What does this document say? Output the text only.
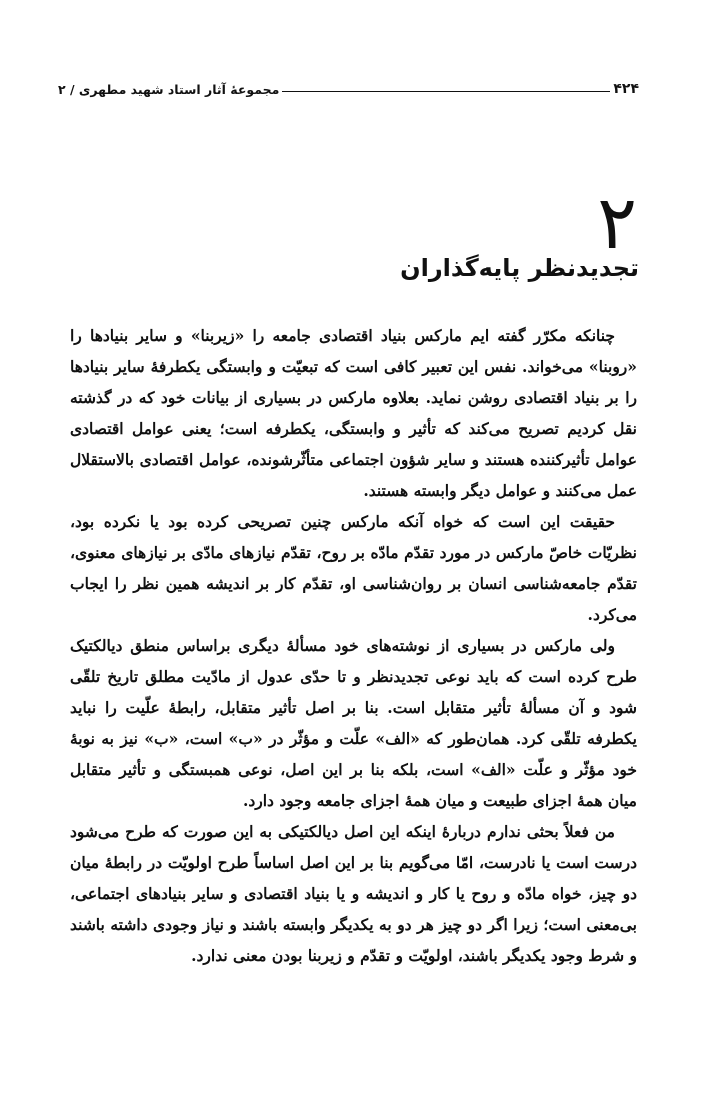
۴۲۴
مجموعهٔ آثار استاد شهید مطهری / ۲
۲
تجدیدنظر پایه‌گذاران

چنانکه مکرّر گفته ایم مارکس بنیاد اقتصادی جامعه را «زیربنا» و سایر بنیادها را «روبنا» می‌خواند. نفس این تعبیر کافی است که تبعیّت و وابستگی یکطرفهٔ سایر بنیادها را بر بنیاد اقتصادی روشن نماید. بعلاوه مارکس در بسیاری از بیانات خود که در گذشته نقل کردیم تصریح می‌کند که تأثیر و وابستگی، یکطرفه است؛ یعنی عوامل اقتصادی عوامل تأثیرکننده هستند و سایر شؤون اجتماعی متأثّرشونده، عوامل اقتصادی بالاستقلال عمل می‌کنند و عوامل دیگر وابسته هستند.

حقیقت این است که خواه آنکه مارکس چنین تصریحی کرده بود یا نکرده بود، نظریّات خاصّ مارکس در مورد تقدّم مادّه بر روح، تقدّم نیازهای مادّی بر نیازهای معنوی، تقدّم جامعه‌شناسی انسان بر روان‌شناسی او، تقدّم کار بر اندیشه همین نظر را ایجاب می‌کرد.

ولی مارکس در بسیاری از نوشته‌های خود مسألهٔ دیگری براساس منطق دیالکتیک طرح کرده است که باید نوعی تجدیدنظر و تا حدّی عدول از مادّیت مطلق تاریخ تلقّی شود و آن مسألهٔ تأثیر متقابل است. بنا بر اصل تأثیر متقابل، رابطهٔ علّیت را نباید یکطرفه تلقّی کرد. همان‌طور که «الف» علّت و مؤثّر در «ب» است، «ب» نیز به نوبهٔ خود مؤثّر و علّت «الف» است، بلکه بنا بر این اصل، نوعی همبستگی و تأثیر متقابل میان همهٔ اجزای طبیعت و میان همهٔ اجزای جامعه وجود دارد.

من فعلاً بحثی ندارم دربارهٔ اینکه این اصل دیالکتیکی به این صورت که طرح می‌شود درست است یا نادرست، امّا می‌گویم بنا بر این اصل اساساً طرح اولویّت در رابطهٔ میان دو چیز، خواه مادّه و روح یا کار و اندیشه و یا بنیاد اقتصادی و سایر بنیادهای اجتماعی، بی‌معنی است؛ زیرا اگر دو چیز هر دو به یکدیگر وابسته باشند و نیاز وجودی داشته باشند و شرط وجود یکدیگر باشند، اولویّت و تقدّم و زیربنا بودن معنی ندارد.
